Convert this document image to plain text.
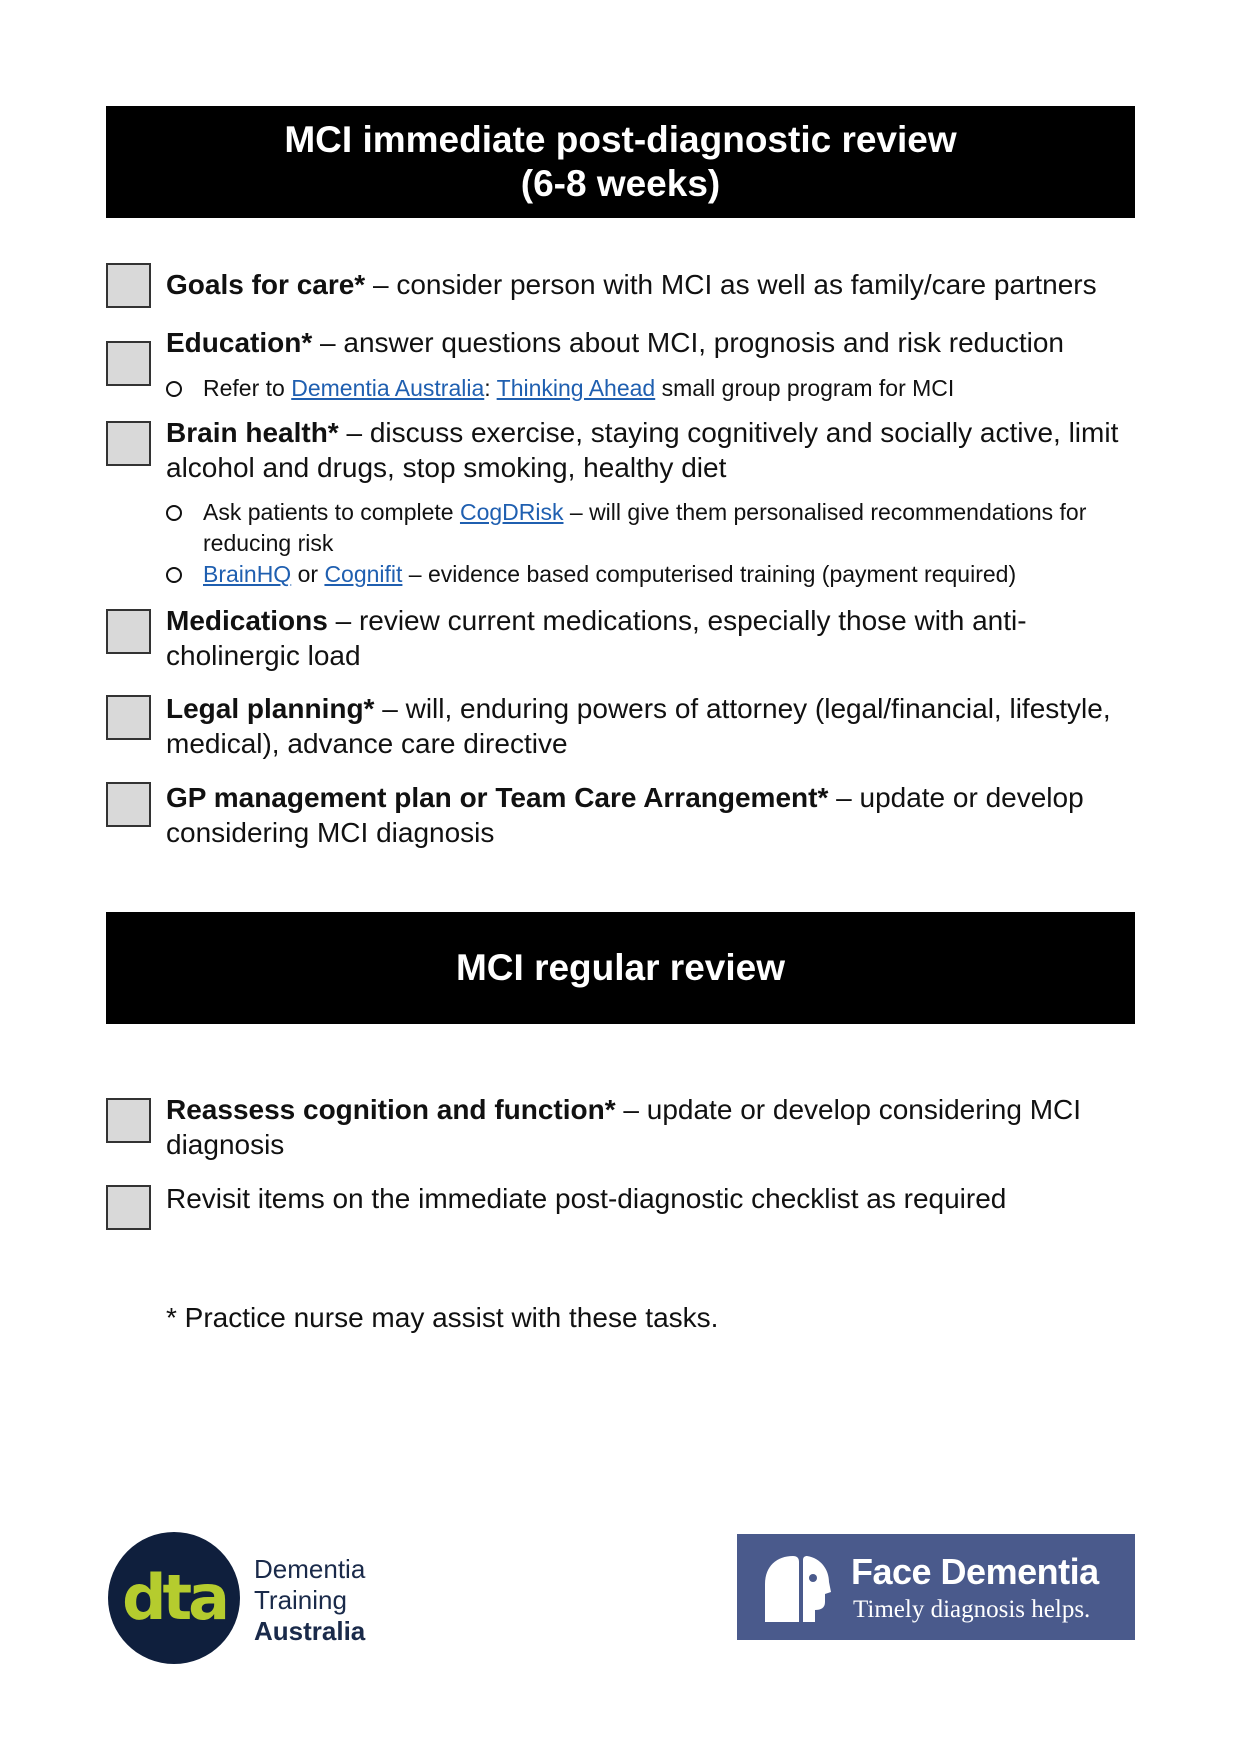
MCI immediate post-diagnostic review
(6-8 weeks)
Goals for care* – consider person with MCI as well as family/care partners
Education* – answer questions about MCI, prognosis and risk reduction
Refer to Dementia Australia: Thinking Ahead small group program for MCI
Brain health* – discuss exercise, staying cognitively and socially active, limit alcohol and drugs, stop smoking, healthy diet
Ask patients to complete CogDRisk – will give them personalised recommendations for reducing risk
BrainHQ or Cognifit – evidence based computerised training (payment required)
Medications – review current medications, especially those with anti-cholinergic load
Legal planning* – will, enduring powers of attorney (legal/financial, lifestyle, medical), advance care directive
GP management plan or Team Care Arrangement* – update or develop considering MCI diagnosis
MCI regular review
Reassess cognition and function* – update or develop considering MCI diagnosis
Revisit items on the immediate post-diagnostic checklist as required
* Practice nurse may assist with these tasks.
dta Dementia
Training
Australia
Face Dementia
Timely diagnosis helps.
